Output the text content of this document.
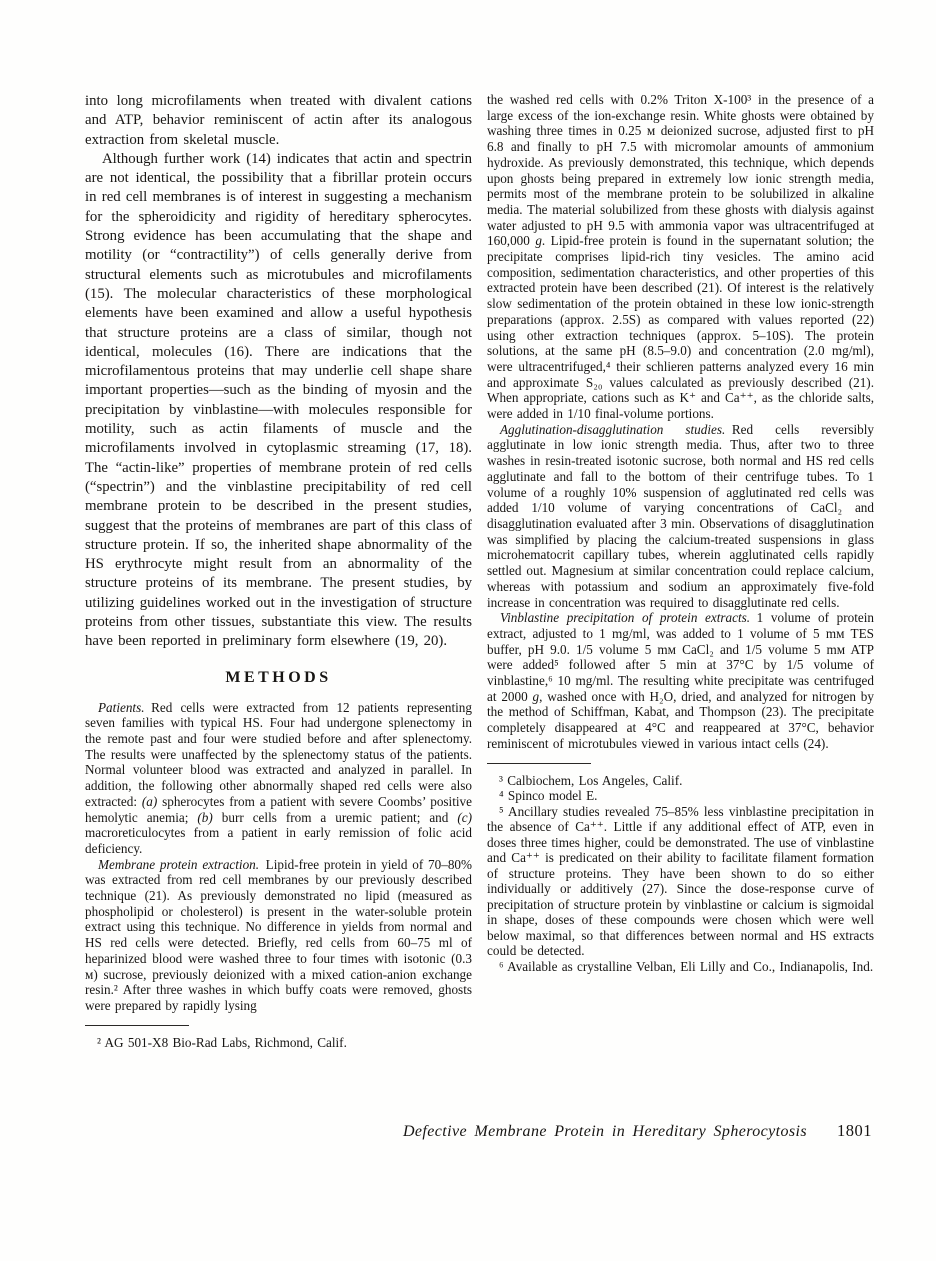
into long microfilaments when treated with divalent cations and ATP, behavior reminiscent of actin after its analogous extraction from skeletal muscle.

Although further work (14) indicates that actin and spectrin are not identical, the possibility that a fibrillar protein occurs in red cell membranes is of interest in suggesting a mechanism for the spheroidicity and rigidity of hereditary spherocytes. Strong evidence has been accumulating that the shape and motility (or “contractility”) of cells generally derive from structural elements such as microtubules and microfilaments (15). The molecular characteristics of these morphological elements have been examined and allow a useful hypothesis that structure proteins are a class of similar, though not identical, molecules (16). There are indications that the microfilamentous proteins that may underlie cell shape share important properties—such as the binding of myosin and the precipitation by vinblastine—with molecules responsible for motility, such as actin filaments of muscle and the microfilaments involved in cytoplasmic streaming (17, 18). The “actin-like” properties of membrane protein of red cells (“spectrin”) and the vinblastine precipitability of red cell membrane protein to be described in the present studies, suggest that the proteins of membranes are part of this class of structure protein. If so, the inherited shape abnormality of the HS erythrocyte might result from an abnormality of the structure proteins of its membrane. The present studies, by utilizing guidelines worked out in the investigation of structure proteins from other tissues, substantiate this view. The results have been reported in preliminary form elsewhere (19, 20).

METHODS

Patients. Red cells were extracted from 12 patients representing seven families with typical HS. Four had undergone splenectomy in the remote past and four were studied before and after splenectomy. The results were unaffected by the splenectomy status of the patients. Normal volunteer blood was extracted and analyzed in parallel. In addition, the following other abnormally shaped red cells were also extracted: (a) spherocytes from a patient with severe Coombs’ positive hemolytic anemia; (b) burr cells from a uremic patient; and (c) macroreticulocytes from a patient in early remission of folic acid deficiency.

Membrane protein extraction. Lipid-free protein in yield of 70–80% was extracted from red cell membranes by our previously described technique (21). As previously demonstrated no lipid (measured as phospholipid or cholesterol) is present in the water-soluble protein extract using this technique. No difference in yields from normal and HS red cells were detected. Briefly, red cells from 60–75 ml of heparinized blood were washed three to four times with isotonic (0.3 ᴍ) sucrose, previously deionized with a mixed cation-anion exchange resin.² After three washes in which buffy coats were removed, ghosts were prepared by rapidly lysing

² AG 501-X8 Bio-Rad Labs, Richmond, Calif.

the washed red cells with 0.2% Triton X-100³ in the presence of a large excess of the ion-exchange resin. White ghosts were obtained by washing three times in 0.25 ᴍ deionized sucrose, adjusted first to pH 6.8 and finally to pH 7.5 with micromolar amounts of ammonium hydroxide. As previously demonstrated, this technique, which depends upon ghosts being prepared in extremely low ionic strength media, permits most of the membrane protein to be solubilized in alkaline media. The material solubilized from these ghosts with dialysis against water adjusted to pH 9.5 with ammonia vapor was ultracentrifuged at 160,000 g. Lipid-free protein is found in the supernatant solution; the precipitate comprises lipid-rich tiny vesicles. The amino acid composition, sedimentation characteristics, and other properties of this extracted protein have been described (21). Of interest is the relatively slow sedimentation of the protein obtained in these low ionic-strength preparations (approx. 2.5S) as compared with values reported (22) using other extraction techniques (approx. 5–10S). The protein solutions, at the same pH (8.5–9.0) and concentration (2.0 mg/ml), were ultracentrifuged,⁴ their schlieren patterns analyzed every 16 min and approximate S₂₀ values calculated as previously described (21). When appropriate, cations such as K⁺ and Ca⁺⁺, as the chloride salts, were added in 1/10 final-volume portions.

Agglutination-disagglutination studies. Red cells reversibly agglutinate in low ionic strength media. Thus, after two to three washes in resin-treated isotonic sucrose, both normal and HS red cells agglutinate and fall to the bottom of their centrifuge tubes. To 1 volume of a roughly 10% suspension of agglutinated red cells was added 1/10 volume of varying concentrations of CaCl₂ and disagglutination evaluated after 3 min. Observations of disagglutination was simplified by placing the calcium-treated suspensions in glass microhematocrit capillary tubes, wherein agglutinated cells rapidly settled out. Magnesium at similar concentration could replace calcium, whereas with potassium and sodium an approximately five-fold increase in concentration was required to disagglutinate red cells.

Vinblastine precipitation of protein extracts. 1 volume of protein extract, adjusted to 1 mg/ml, was added to 1 volume of 5 mᴍ TES buffer, pH 9.0. 1/5 volume 5 mᴍ CaCl₂ and 1/5 volume 5 mᴍ ATP were added⁵ followed after 5 min at 37°C by 1/5 volume of vinblastine,⁶ 10 mg/ml. The resulting white precipitate was centrifuged at 2000 g, washed once with H₂O, dried, and analyzed for nitrogen by the method of Schiffman, Kabat, and Thompson (23). The precipitate completely disappeared at 4°C and reappeared at 37°C, behavior reminiscent of microtubules viewed in various intact cells (24).

³ Calbiochem, Los Angeles, Calif.

⁴ Spinco model E.

⁵ Ancillary studies revealed 75–85% less vinblastine precipitation in the absence of Ca⁺⁺. Little if any additional effect of ATP, even in doses three times higher, could be demonstrated. The use of vinblastine and Ca⁺⁺ is predicated on their ability to facilitate filament formation of structure proteins. They have been shown to do so either individually or additively (27). Since the dose-response curve of precipitation of structure protein by vinblastine or calcium is sigmoidal in shape, doses of these compounds were chosen which were well below maximal, so that differences between normal and HS extracts could be detected.

⁶ Available as crystalline Velban, Eli Lilly and Co., Indianapolis, Ind.

Defective Membrane Protein in Hereditary Spherocytosis 1801
